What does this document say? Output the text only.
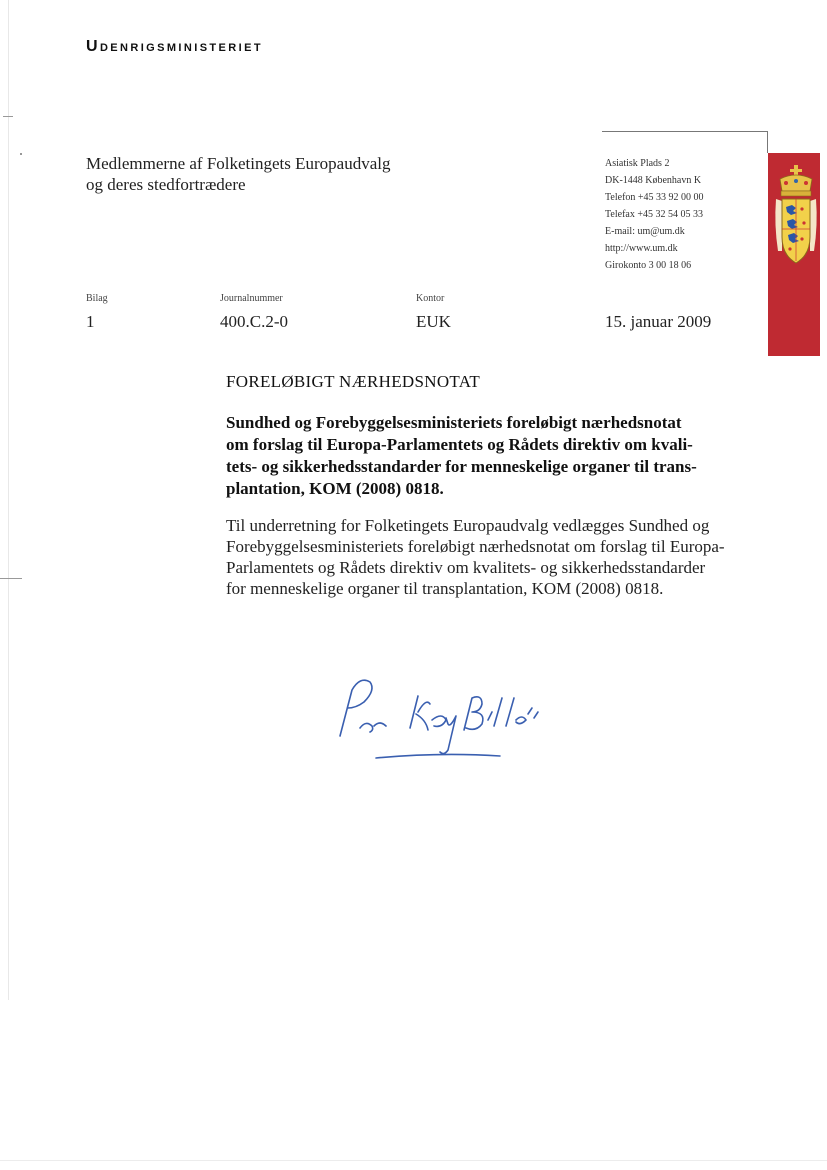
Udenrigsministeriet
Medlemmerne af Folketingets Europaudvalg
og deres stedfortrædere
Asiatisk Plads 2
DK-1448 København K
Telefon +45 33 92 00 00
Telefax +45 32 54 05 33
E-mail: um@um.dk
http://www.um.dk
Girokonto 3 00 18 06
Bilag
1
Journalnummer
400.C.2-0
Kontor
EUK	15. januar 2009
FORELØBIGT NÆRHEDSNOTAT
Sundhed og Forebyggelsesministeriets foreløbigt nærhedsnotat
om forslag til Europa-Parlamentets og Rådets direktiv om kvali-
tets- og sikkerhedsstandarder for menneskelige organer til trans-
plantation, KOM (2008) 0818.
Til underretning for Folketingets Europaudvalg vedlægges Sundhed og
Forebyggelsesministeriets foreløbigt nærhedsnotat om forslag til Europa-
Parlamentets og Rådets direktiv om kvalitets- og sikkerhedsstandarder
for menneskelige organer til transplantation, KOM (2008) 0818.
